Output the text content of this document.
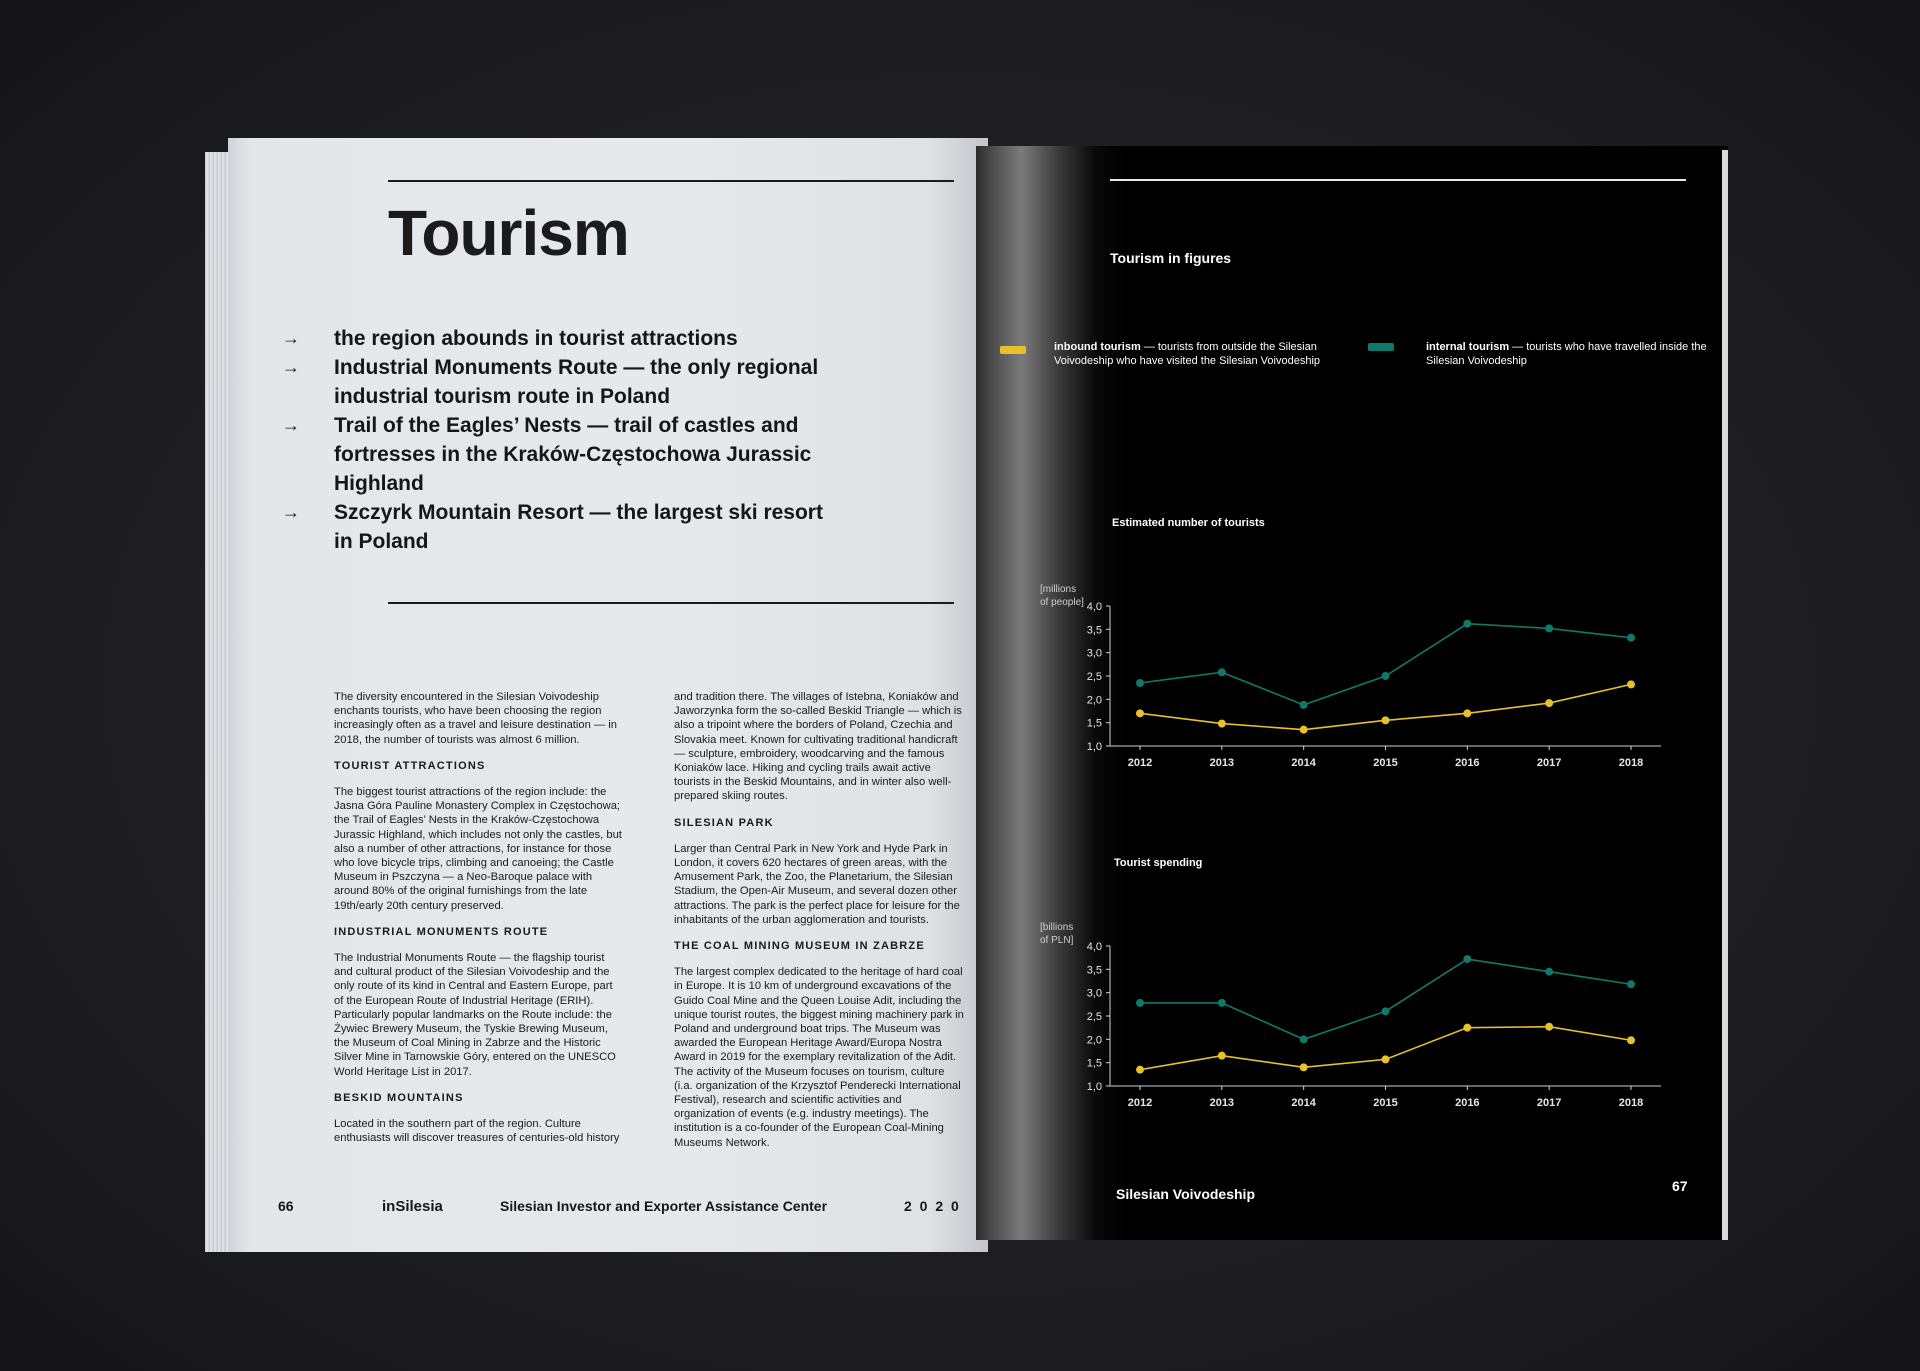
Tourism
→ the region abounds in tourist attractions
→ Industrial Monuments Route — the only regional industrial tourism route in Poland
→ Trail of the Eagles’ Nests — trail of castles and fortresses in the Kraków-Częstochowa Jurassic Highland
→ Szczyrk Mountain Resort — the largest ski resort in Poland

The diversity encountered in the Silesian Voivodeship enchants tourists, who have been choosing the region increasingly often as a travel and leisure destination — in 2018, the number of tourists was almost 6 million.

TOURIST ATTRACTIONS

The biggest tourist attractions of the region include: the Jasna Góra Pauline Monastery Complex in Częstochowa; the Trail of Eagles’ Nests in the Kraków-Częstochowa Jurassic Highland, which includes not only the castles, but also a number of other attractions, for instance for those who love bicycle trips, climbing and canoeing; the Castle Museum in Pszczyna — a Neo-Baroque palace with around 80% of the original furnishings from the late 19th/early 20th century preserved.

INDUSTRIAL MONUMENTS ROUTE

The Industrial Monuments Route — the flagship tourist and cultural product of the Silesian Voivodeship and the only route of its kind in Central and Eastern Europe, part of the European Route of Industrial Heritage (ERIH). Particularly popular landmarks on the Route include: the Żywiec Brewery Museum, the Tyskie Brewing Museum, the Museum of Coal Mining in Zabrze and the Historic Silver Mine in Tarnowskie Góry, entered on the UNESCO World Heritage List in 2017.

BESKID MOUNTAINS

Located in the southern part of the region. Culture enthusiasts will discover treasures of centuries-old history

and tradition there. The villages of Istebna, Koniaków and Jaworzynka form the so-called Beskid Triangle — which is also a tripoint where the borders of Poland, Czechia and Slovakia meet. Known for cultivating traditional handicraft — sculpture, embroidery, woodcarving and the famous Koniaków lace. Hiking and cycling trails await active tourists in the Beskid Mountains, and in winter also well-prepared skiing routes.

SILESIAN PARK

Larger than Central Park in New York and Hyde Park in London, it covers 620 hectares of green areas, with the Amusement Park, the Zoo, the Planetarium, the Silesian Stadium, the Open-Air Museum, and several dozen other attractions. The park is the perfect place for leisure for the inhabitants of the urban agglomeration and tourists.

THE COAL MINING MUSEUM IN ZABRZE

The largest complex dedicated to the heritage of hard coal in Europe. It is 10 km of underground excavations of the Guido Coal Mine and the Queen Louise Adit, including the unique tourist routes, the biggest mining machinery park in Poland and underground boat trips. The Museum was awarded the European Heritage Award/Europa Nostra Award in 2019 for the exemplary revitalization of the Adit. The activity of the Museum focuses on tourism, culture (i.a. organization of the Krzysztof Penderecki International Festival), research and scientific activities and organization of events (e.g. industry meetings). The institution is a co-founder of the European Coal-Mining Museums Network.

66	inSilesia	Silesian Investor and Exporter Assistance Center	2 0 2 0
Tourism in figures
inbound tourism — tourists from outside the Silesian Voivodeship who have visited the Silesian Voivodeship
internal tourism — tourists who have travelled inside the Silesian Voivodeship
Estimated number of tourists
[millions
of people]
1,0
1,5
2,0
2,5
3,0
3,5
4,0
2012	2013	2014	2015	2016	2017	2018
Tourist spending
[billions
of PLN]
1,0
1,5
2,0
2,5
3,0
3,5
4,0
2012	2013	2014	2015	2016	2017	2018
Silesian Voivodeship	67
